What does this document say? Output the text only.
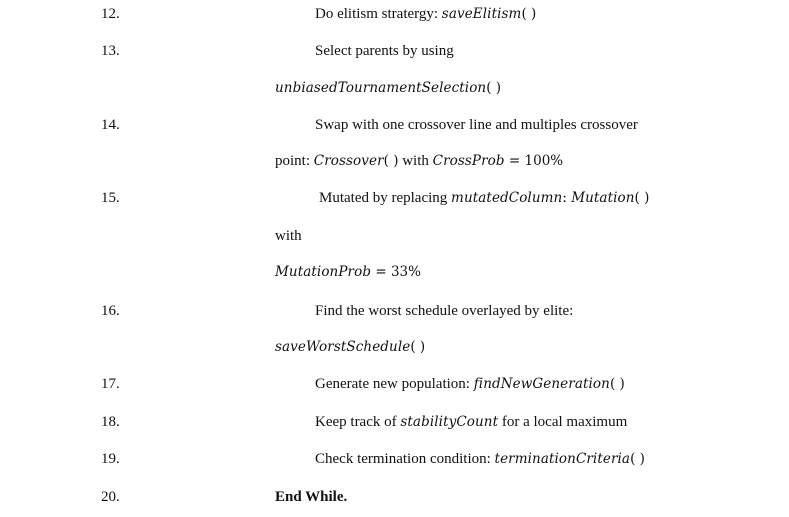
12.	Do elitism stratergy: saveElitism( )
13.	Select parents by using
unbiasedTournamentSelection( )
14.	Swap with one crossover line and multiples crossover
point: Crossover( ) with CrossProb = 100%
15.	Mutated by replacing mutatedColumn: Mutation( )
with
MutationProb = 33%
16.	Find the worst schedule overlayed by elite:
saveWorstSchedule( )
17.	Generate new population: findNewGeneration( )
18.	Keep track of stabilityCount for a local maximum
19.	Check termination condition: terminationCriteria( )
20.	End While.
